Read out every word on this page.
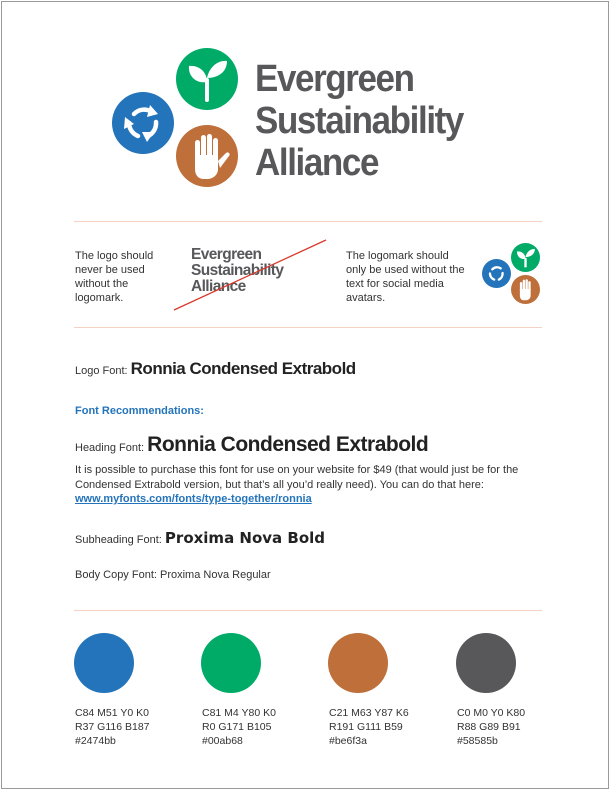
Evergreen
Sustainability
Alliance
The logo should never be used without the logomark.
Evergreen
Sustainability
Alliance
The logomark should only be used without the text for social media avatars.
Logo Font: Ronnia Condensed Extrabold
Font Recommendations:
Heading Font: Ronnia Condensed Extrabold
It is possible to purchase this font for use on your website for $49 (that would just be for the Condensed Extrabold version, but that’s all you’d really need). You can do that here:
www.myfonts.com/fonts/type-together/ronnia
Subheading Font: Proxima Nova Bold
Body Copy Font: Proxima Nova Regular
C84 M51 Y0 K0
R37 G116 B187
#2474bb
C81 M4 Y80 K0
R0 G171 B105
#00ab68
C21 M63 Y87 K6
R191 G111 B59
#be6f3a
C0 M0 Y0 K80
R88 G89 B91
#58585b
